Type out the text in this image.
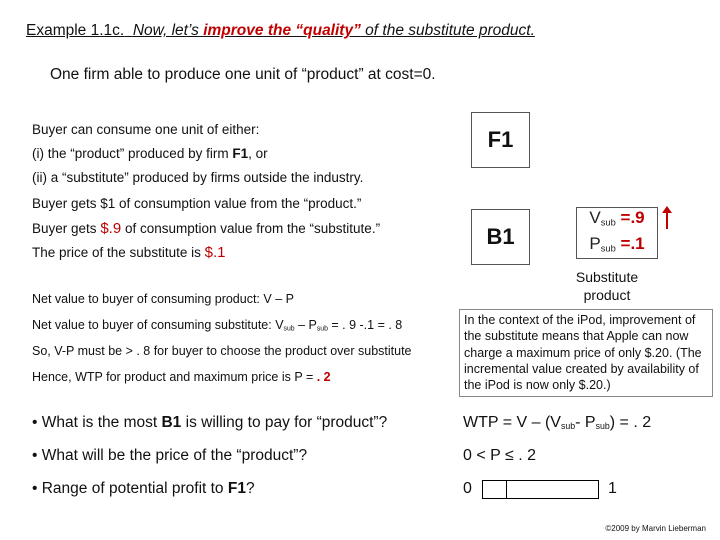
Example 1.1c. Now, let’s improve the “quality” of the substitute product.
One firm able to produce one unit of “product” at cost=0.
Buyer can consume one unit of either:
(i) the “product” produced by firm F1, or
(ii) a “substitute” produced by firms outside the industry.
Buyer gets $1 of consumption value from the “product.”
Buyer gets $.9 of consumption value from the “substitute.”
The price of the substitute is $.1
F1
B1
$V_{sub} =.9$
$P_{sub} =.1$
Substitute product
Net value to buyer of consuming product: V – P
Net value to buyer of consuming substitute: $V_{sub} - P_{sub}$ = . 9 -.1 = . 8
So, V-P must be > . 8 for buyer to choose the product over substitute
Hence, WTP for product and maximum price is P = . 2
In the context of the iPod, improvement of the substitute means that Apple can now charge a maximum price of only $.20. (The incremental value created by availability of the iPod is now only $.20.)
• What is the most B1 is willing to pay for “product”?	WTP = V – ($V_{sub}-$ $P_{sub}$) = . 2
• What will be the price of the “product”?	0 < P ≤ . 2
• Range of potential profit to F1?	0	1
©2009 by Marvin Lieberman
